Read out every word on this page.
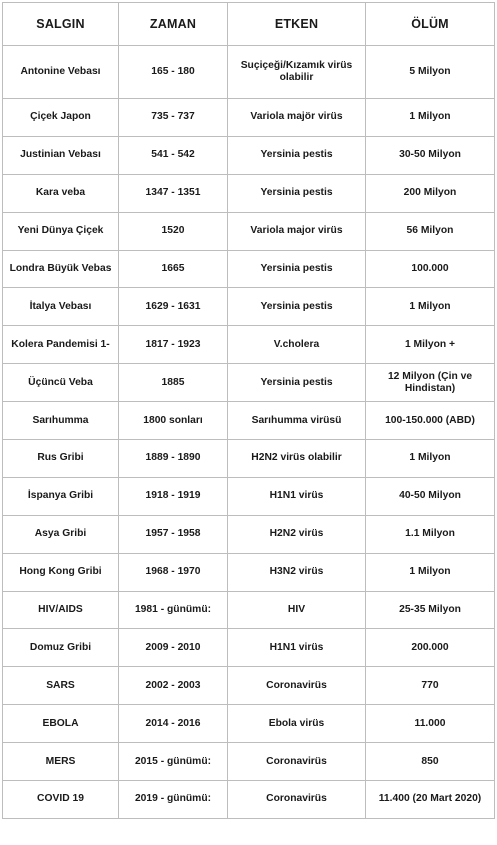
SALGIN	ZAMAN	ETKEN	ÖLÜM
Antonine Vebası	165 - 180	Suçiçeği/Kızamık virüs olabilir	5 Milyon
Çiçek Japon	735 - 737	Variola majör virüs	1 Milyon
Justinian Vebası	541 - 542	Yersinia pestis	30-50 Milyon
Kara veba	1347 - 1351	Yersinia pestis	200 Milyon
Yeni Dünya Çiçek	1520	Variola major virüs	56 Milyon
Londra Büyük Vebas	1665	Yersinia pestis	100.000
İtalya Vebası	1629 - 1631	Yersinia pestis	1 Milyon
Kolera Pandemisi 1-	1817 - 1923	V.cholera	1 Milyon +
Üçüncü Veba	1885	Yersinia pestis	12 Milyon (Çin ve Hindistan)
Sarıhumma	1800 sonları	Sarıhumma virüsü	100-150.000 (ABD)
Rus Gribi	1889 - 1890	H2N2 virüs olabilir	1 Milyon
İspanya Gribi	1918 - 1919	H1N1 virüs	40-50 Milyon
Asya Gribi	1957 - 1958	H2N2 virüs	1.1 Milyon
Hong Kong Gribi	1968 - 1970	H3N2 virüs	1 Milyon
HIV/AIDS	1981 - günümü:	HIV	25-35 Milyon
Domuz Gribi	2009 - 2010	H1N1 virüs	200.000
SARS	2002 - 2003	Coronavirüs	770
EBOLA	2014 - 2016	Ebola virüs	11.000
MERS	2015 - günümü:	Coronavirüs	850
COVID 19	2019 - günümü:	Coronavirüs	11.400 (20 Mart 2020)
